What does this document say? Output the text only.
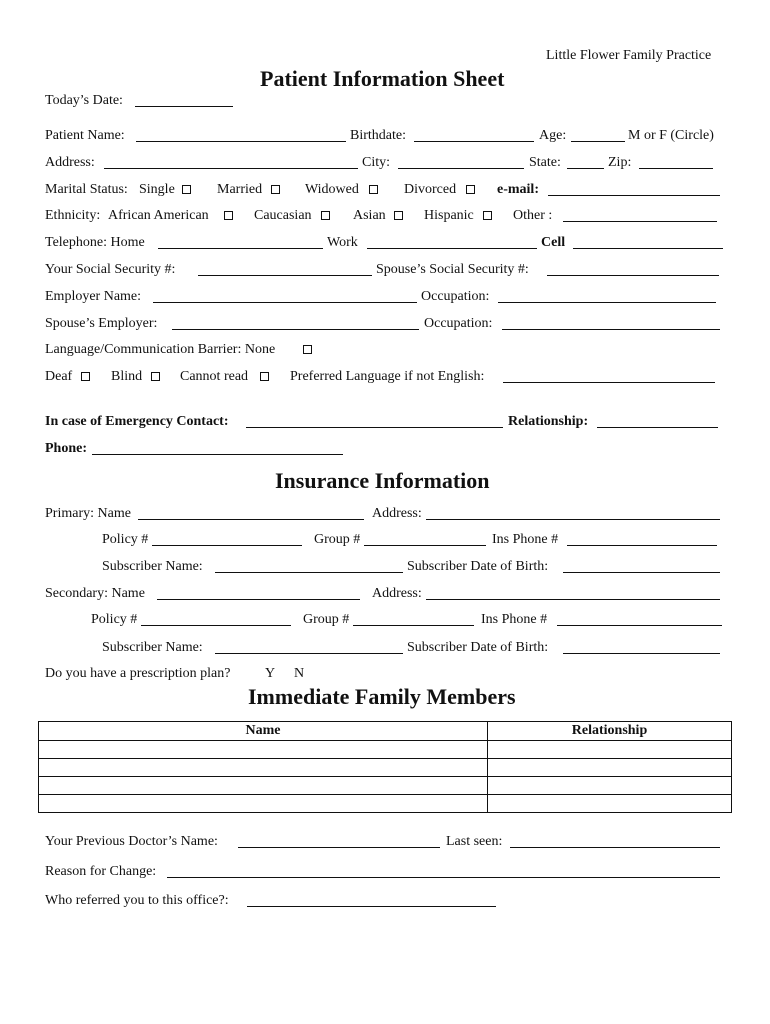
Little Flower Family Practice
Patient Information Sheet
Today’s Date:
Patient Name:	Birthdate:	Age:	M or F (Circle)
Address:	City:	State:	Zip:
Marital Status: Single	Married	Widowed	Divorced	e-mail:
Ethnicity: African American	Caucasian	Asian	Hispanic	Other :
Telephone: Home	Work	Cell
Your Social Security #:	Spouse’s Social Security #:
Employer Name:	Occupation:
Spouse’s Employer:	Occupation:
Language/Communication Barrier: None
Deaf	Blind	Cannot read	Preferred Language if not English:
In case of Emergency Contact:	Relationship:
Phone:
Insurance Information
Primary: Name	Address:
Policy #	Group #	Ins Phone #
Subscriber Name:	Subscriber Date of Birth:
Secondary: Name	Address:
Policy #	Group #	Ins Phone #
Subscriber Name:	Subscriber Date of Birth:
Do you have a prescription plan? Y N
Immediate Family Members
Name	Relationship

Your Previous Doctor’s Name:	Last seen:
Reason for Change:
Who referred you to this office?:
